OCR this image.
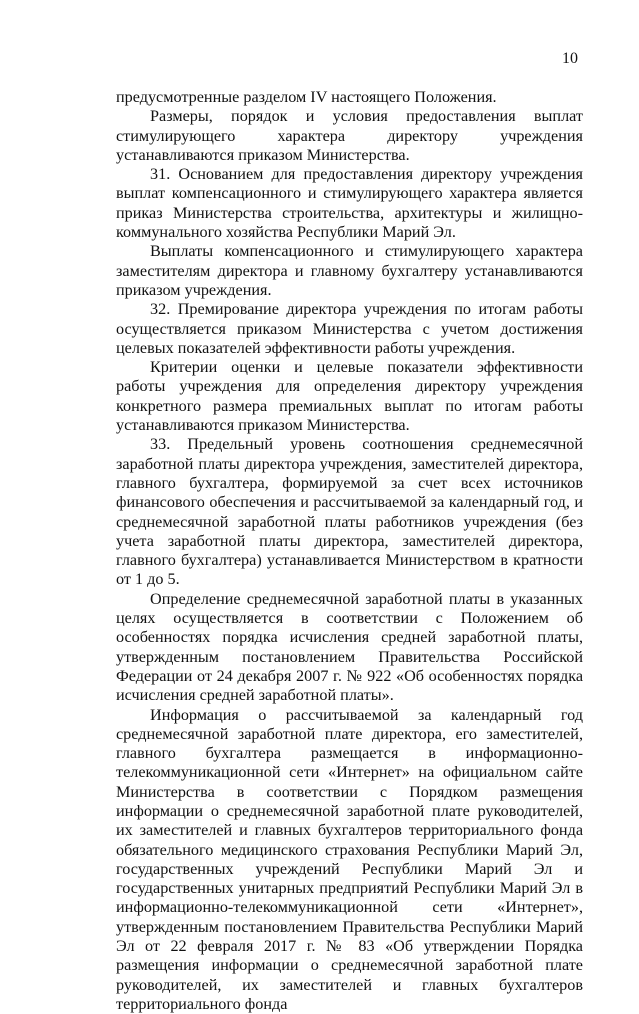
10

предусмотренные разделом IV настоящего Положения.

Размеры, порядок и условия предоставления выплат стимулирующего характера директору учреждения устанавливаются приказом Министерства.

31. Основанием для предоставления директору учреждения выплат компенсационного и стимулирующего характера является приказ Министерства строительства, архитектуры и жилищно-коммунального хозяйства Республики Марий Эл.

Выплаты компенсационного и стимулирующего характера заместителям директора и главному бухгалтеру устанавливаются приказом учреждения.

32. Премирование директора учреждения по итогам работы осуществляется приказом Министерства с учетом достижения целевых показателей эффективности работы учреждения.

Критерии оценки и целевые показатели эффективности работы учреждения для определения директору учреждения конкретного размера премиальных выплат по итогам работы устанавливаются приказом Министерства.

33. Предельный уровень соотношения среднемесячной заработной платы директора учреждения, заместителей директора, главного бухгалтера, формируемой за счет всех источников финансового обеспечения и рассчитываемой за календарный год, и среднемесячной заработной платы работников учреждения (без учета заработной платы директора, заместителей директора, главного бухгалтера) устанавливается Министерством в кратности от 1 до 5.

Определение среднемесячной заработной платы в указанных целях осуществляется в соответствии с Положением об особенностях порядка исчисления средней заработной платы, утвержденным постановлением Правительства Российской Федерации от 24 декабря 2007 г. № 922 «Об особенностях порядка исчисления средней заработной платы».

Информация о рассчитываемой за календарный год среднемесячной заработной плате директора, его заместителей, главного бухгалтера размещается в информационно-телекоммуникационной сети «Интернет» на официальном сайте Министерства в соответствии с Порядком размещения информации о среднемесячной заработной плате руководителей, их заместителей и главных бухгалтеров территориального фонда обязательного медицинского страхования Республики Марий Эл, государственных учреждений Республики Марий Эл и государственных унитарных предприятий Республики Марий Эл в информационно-телекоммуникационной сети «Интернет», утвержденным постановлением Правительства Республики Марий Эл от 22 февраля 2017 г. № 83 «Об утверждении Порядка размещения информации о среднемесячной заработной плате руководителей, их заместителей и главных бухгалтеров территориального фонда
